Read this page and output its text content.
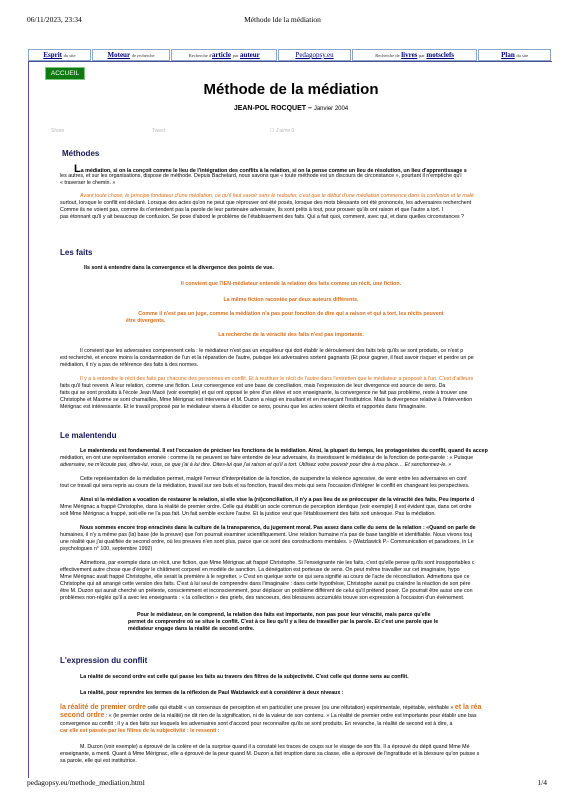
06/11/2023, 23:34	Méthode lde la médiation
Esprit
du site	Moteur
de recherche	Recherche d' article
par
auteur	Pedagopsy.eu	Recherche de
livres
par
motsclefs	Plan
du site
ACCUEIL
Méthode de la médiation
JEAN-POL ROCQUET – Janvier 2004
Share	Tweet	☐ J'aime 0
Méthodes
La médiation, si on la conçoit comme le lieu de l'intégration des conflits à la relation, si on la pense comme un lieu de résolution, un lieu d'apprentissage s
les autres, et sur les organisations, dispose de méthode. Depuis Bachelard, nous savons que « toute méthode est un discours de circonstance », pourtant il n'empêche qu'i
« traverser le chemin. »
Avant toute chose, le principe fondateur d'une médiation, ce qu'il faut savoir sans le redouter, c'est que le début d'une médiation commence dans la confusion et le malé
surtout, lorsque le conflit est déclaré. Lorsque des actes qu'on ne peut que réprouver ont été posés, lorsque des mots blessants ont été prononcés, les adversaires recherchent
Comme ils ne voient pas, comme ils n'entendent pas la parole de leur partenaire adversaire, ils sont prêts à tout, pour prouver qu'ils ont raison et que l'autre a tort. I
pas étonnant qu'il y ait beaucoup de confusion. Se pose d'abord le problème de l'établissement des faits. Qui a fait quoi, comment, avec qui, et dans quelles circonstances ?
Les faits
Ils sont à entendre dans la convergence et la divergence des points de vue.
Il convient que l'IEN-médiateur entende la relation des faits comme un récit, une fiction.
La même fiction racontée par deux auteurs différents.
Comme il n'est pas un juge, comme la médiation n'a pas pour fonction de dire qui a raison et qui a tort, les récits peuvent
être divergents.
La recherche de la véracité des faits n'est pas importante.
Il convient que les adversaires comprennent cela : le médiateur n'est pas un enquêteur qui doit établir le déroulement des faits tels qu'ils se sont produits, ce n'est p
est recherché, et encore moins la condamnation de l'un et la réparation de l'autre, puisque les adversaires sortent gagnants (Et pour gagner, il faut savoir risquer et perdre un pe
médiation, il n'y a pas de référence des faits à des normes.
Il y a à entendre le récit des faits par chacune des personnes en conflit. Et à restituer le récit de l'autre dans l'entretien que le médiateur a proposé à l'un. C'est d'ailleurs
faits qu'il faut revenir. A leur relation, comme une fiction. Leur convergence est une base de conciliation, mais l'expression de leur divergence est source de sens. Da
faits qui se sont produits à l'école Jean Macé (voir exemple) et qui ont opposé le père d'un élève et son enseignante, la convergence ne fait pas problème, reste à trouver une
Christophe et Maxime se sont chamaillés, Mme Mérignac est intervenue et M. Duzon a réagi en insultant et en menaçant l'institutrice. Mais la divergence relative à l'intervention
Mérignac est intéressante. Et le travail proposé par le médiateur visera à élucider ce sens, pourvu que les actes soient décrits et rapportés dans l'imaginaire.
Le malentendu
Le malentendu est fondamental. Il est l'occasion de préciser les fonctions de la médiation. Ainsi, la plupart du temps, les protagonistes du conflit, quand ils accep
médiation, en ont une représentation erronée : comme ils ne peuvent se faire entendre de leur adversaire, ils investissent le médiateur de la fonction de porte-parole : « Puisque
adversaire, ne m'écoute pas, dites-lui, vous, ce que j'ai à lui dire. Dites-lui que j'ai raison et qu'il a tort. Utilisez votre pouvoir pour dire à ma place… Et sanctionnez-le. »
Cette représentation de la médiation permet, malgré l'erreur d'interprétation de la fonction, de suspendre la violence agressive, de venir entre les adversaires en conf
tout ce travail qui sera repris au cours de la médiation, travail sur ses buts et sa fonction, travail des mots qui sera l'occasion d'intégrer le conflit en changeant les perspectives.
Ainsi si la médiation a vocation de restaurer la relation, si elle vise la (ré)conciliation, il n'y a pas lieu de se préoccuper de la véracité des faits. Peu importe d
Mme Mérignac a frappé Christophe, dans la réalité de premier ordre. Celle qui établit un socle commun de perception identique (voir exemple) Il est évident que, dans cet ordre
soit Mme Mérignac a frappé, soit elle ne l'a pas fait. Un fait semble exclure l'autre. Et la justice veut que l'établissement des faits soit univoque. Pas la médiation.
Nous sommes encore trop enracinés dans la culture de la transparence, du jugement moral. Pas assez dans celle du sens de la relation : «Quand on parle de
humaines, il n'y a même pas (la) base (de la preuve) que l'on pourrait examiner scientifiquement. Une relation humaine n'a pas de base tangible et identifiable. Nous vivons touj
une réalité que j'ai qualifiée de second ordre, où les preuves n'en sont plus, parce que ce sont des constructions mentales. » (Watzlawick P.- Communication et paradoxes, in Le
psychologues n° 100, septembre 1992)
Admettons, par exemple dans un récit, une fiction, que Mme Mérignac ait frappé Christophe. Si l'enseignante nie les faits, c'est qu'elle pense qu'ils sont insupportables c
effectivement autre chose que d'ériger le châtiment corporel en modèle de sanction. La dénégation est porteuse de sens. On peut même travailler sur cet imaginaire, hypo
Mme Mérignac avait frappé Christophe, elle serait la première à le regretter. » C'est en quelque sorte ce qui sera signifié au cours de l'acte de réconciliation. Admettons que ce
Christophe qui ait arrangé cette version des faits. C'est à lui seul de comprendre dans l'imaginaire : dans cette hypothèse, Christophe aurait pu craindre la réaction de son père
être M. Duzon qui aurait cherché un prétexte, consciemment et inconsciemment, pour déplacer un problème différent de celui qu'il prétend poser. Ce pourrait être aussi une con
problèmes non-réglés qu'il a avec les enseignants : « la collection » des griefs, des rancoeurs, des blessures accumulés trouve son expression à l'occasion d'un événement.
Pour le médiateur, on le comprend, la relation des faits est importante, non pas pour leur véracité, mais parce qu'elle
permet de comprendre où se situe le conflit. C'est à ce lieu qu'il y a lieu de travailler par la parole. Et c'est une parole que le
médiateur engage dans la réalité de second ordre.
L'expression du conflit
La réalité de second ordre est celle qui passe les faits au travers des filtres de la subjectivité. C'est celle qui donne sens au conflit.
La réalité, pour reprendre les termes de la réflexion de Paul Watzlawick est à considérer à deux niveaux :
la réalité de premier ordre celle qui établit « un consensus de perception et en particulier une preuve (ou une réfutation) expérimentale, répétable, vérifiable » et la réa
second ordre : « (le premier ordre de la réalité) ne dit rien de la signification, ni de la valeur de son contenu. » La réalité de premier ordre est importante pour établir une bas
convergence au conflit : il y a des faits sur lesquels les adversaires sont d'accord pour reconnaître qu'ils se sont produits. En revanche, la réalité de second est à dire, a
car elle est passée par les filtres de la subjectivité : le ressenti :
M. Duzon (voir exemple) a éprouvé de la colère et de la surprise quand il a constaté les traces de coups sur le visage de son fils. Il a éprouvé du dépit quand Mme Mé
enseignante, a menti. Quant à Mme Mérignac, elle a éprouvé de la peur quand M. Duzon a fait irruption dans sa classe, elle a éprouvé de l'ingratitude et la blessure qu'on puisse s
sa parole, elle qui est institutrice.
pedagopsy.eu/methode_mediation.html	1/4
